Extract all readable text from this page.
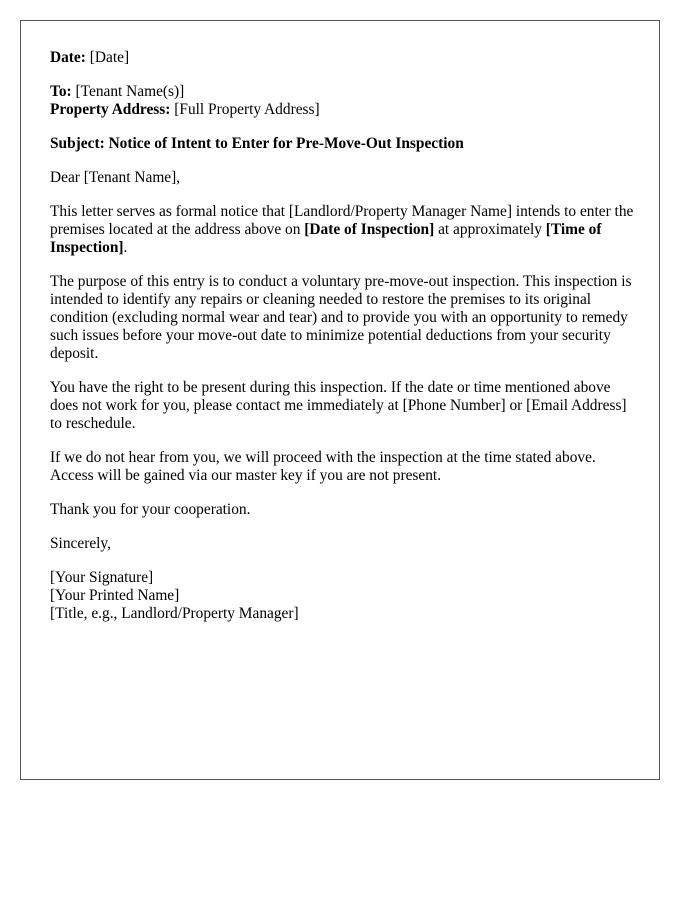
Date: [Date]

To: [Tenant Name(s)]
Property Address: [Full Property Address]

Subject: Notice of Intent to Enter for Pre-Move-Out Inspection

Dear [Tenant Name],

This letter serves as formal notice that [Landlord/Property Manager Name] intends to enter the premises located at the address above on [Date of Inspection] at approximately [Time of Inspection].

The purpose of this entry is to conduct a voluntary pre-move-out inspection. This inspection is intended to identify any repairs or cleaning needed to restore the premises to its original condition (excluding normal wear and tear) and to provide you with an opportunity to remedy such issues before your move-out date to minimize potential deductions from your security deposit.

You have the right to be present during this inspection. If the date or time mentioned above does not work for you, please contact me immediately at [Phone Number] or [Email Address] to reschedule.

If we do not hear from you, we will proceed with the inspection at the time stated above. Access will be gained via our master key if you are not present.

Thank you for your cooperation.

Sincerely,

[Your Signature]
[Your Printed Name]
[Title, e.g., Landlord/Property Manager]
